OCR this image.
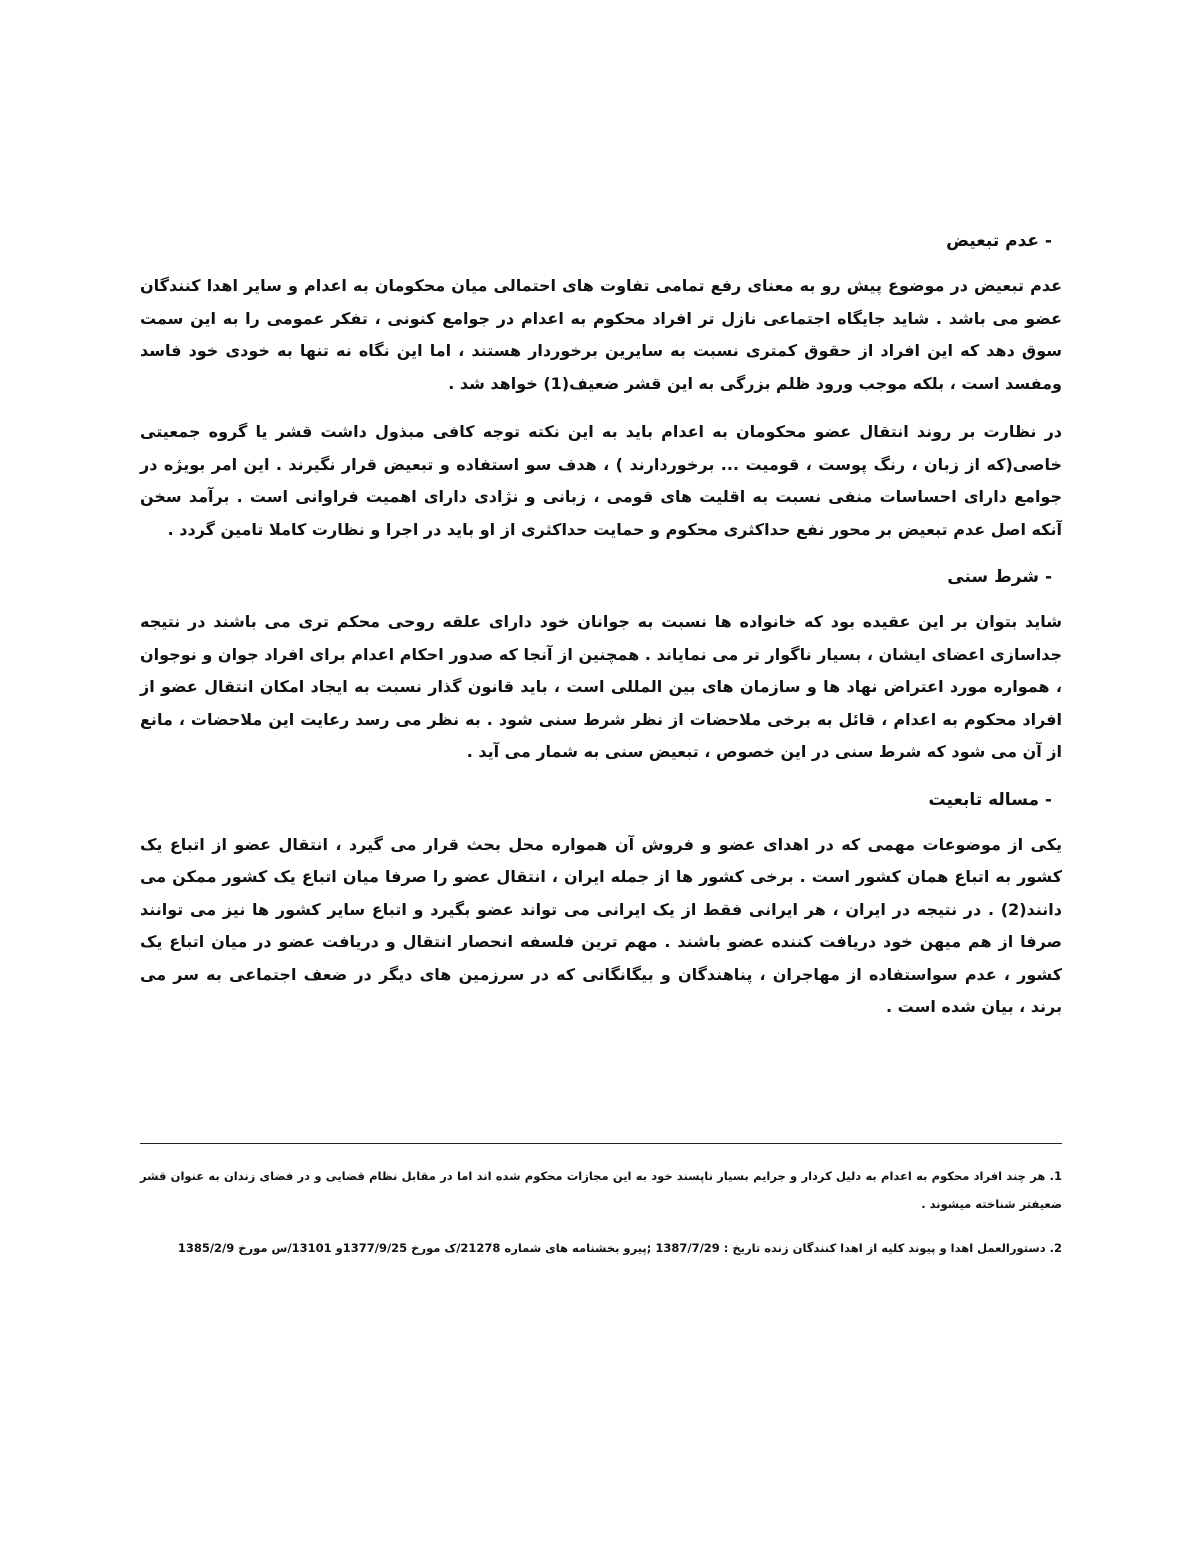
- عدم تبعیض

عدم تبعیض در موضوع پیش رو به معنای رفع تمامی تفاوت های احتمالی میان محکومان به اعدام و سایر اهدا کنندگان عضو می باشد . شاید جایگاه اجتماعی نازل تر افراد محکوم به اعدام در جوامع کنونی ، تفکر عمومی را به این سمت سوق دهد که این افراد از حقوق کمتری نسبت به سایرین برخوردار هستند ، اما این نگاه نه تنها به خودی خود فاسد ومفسد است ، بلکه موجب ورود ظلم بزرگی به این قشر ضعیف(1) خواهد شد .

در نظارت بر روند انتقال عضو محکومان به اعدام باید به این نکته توجه کافی مبذول داشت قشر یا گروه جمعیتی خاصی(که از زبان ، رنگ پوست ، قومیت ... برخوردارند ) ، هدف سو استفاده و تبعیض قرار نگیرند . این امر بویژه در جوامع دارای احساسات منفی نسبت به اقلیت های قومی ، زبانی و نژادی دارای اهمیت فراوانی است . برآمد سخن آنکه اصل عدم تبعیض بر محور نفع حداکثری محکوم و حمایت حداکثری از او باید در اجرا و نظارت کاملا تامین گردد .

- شرط سنی

شاید بتوان بر این عقیده بود که خانواده ها نسبت به جوانان خود دارای علقه روحی محکم تری می باشند در نتیجه جداسازی اعضای ایشان ، بسیار ناگوار تر می نمایاند . همچنین از آنجا که صدور احکام اعدام برای افراد جوان و نوجوان ، همواره مورد اعتراض نهاد ها و سازمان های بین المللی است ، باید قانون گذار نسبت به ایجاد امکان انتقال عضو از افراد محکوم به اعدام ، قائل به برخی ملاحضات از نظر شرط سنی شود . به نظر می رسد رعایت این ملاحضات ، مانع از آن می شود که شرط سنی در این خصوص ، تبعیض سنی به شمار می آید .

- مساله تابعیت

یکی از موضوعات مهمی که در اهدای عضو و فروش آن همواره محل بحث قرار می گیرد ، انتقال عضو از اتباع یک کشور به اتباع همان کشور است . برخی کشور ها از جمله ایران ، انتقال عضو را صرفا میان اتباع یک کشور ممکن می دانند(2) . در نتیجه در ایران ، هر ایرانی فقط از یک ایرانی می تواند عضو بگیرد و اتباع سایر کشور ها نیز می توانند صرفا از هم میهن خود دریافت کننده عضو باشند . مهم ترین فلسفه انحصار انتقال و دریافت عضو در میان اتباع یک کشور ، عدم سواستفاده از مهاجران ، پناهندگان و بیگانگانی که در سرزمین های دیگر در ضعف اجتماعی به سر می برند ، بیان شده است .

1. هر چند افراد محکوم به اعدام به دلیل کردار و جرایم بسیار ناپسند خود به این مجازات محکوم شده اند اما در مقابل نظام قضایی و در فضای زندان به عنوان قشر ضعیفتر شناخته میشوند .

2. دستورالعمل اهدا و پیوند کلیه از اهدا کنندگان زنده تاریخ : 1387/7/29 ;پیرو بخشنامه های شماره 21278/ک مورخ 1377/9/25و 13101/س مورخ 1385/2/9
